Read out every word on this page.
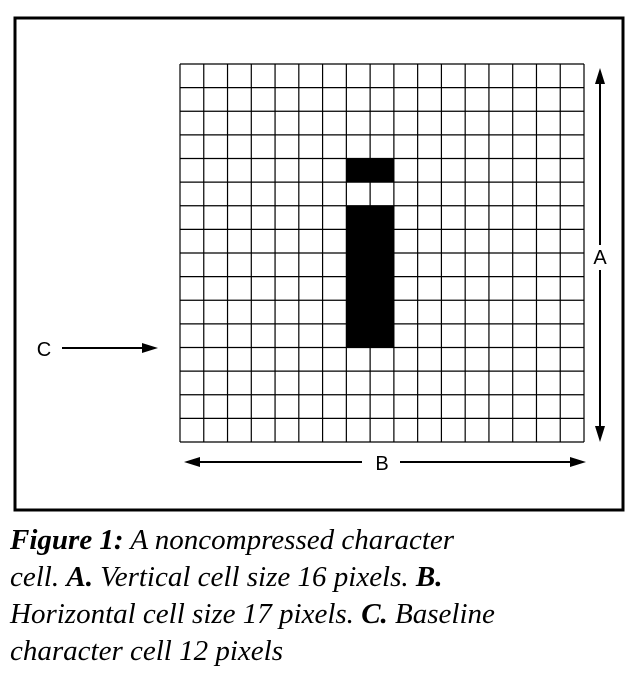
A
B
C

Figure 1: A noncompressed character

cell. A. Vertical cell size 16 pixels. B.

Horizontal cell size 17 pixels. C. Baseline

character cell 12 pixels
